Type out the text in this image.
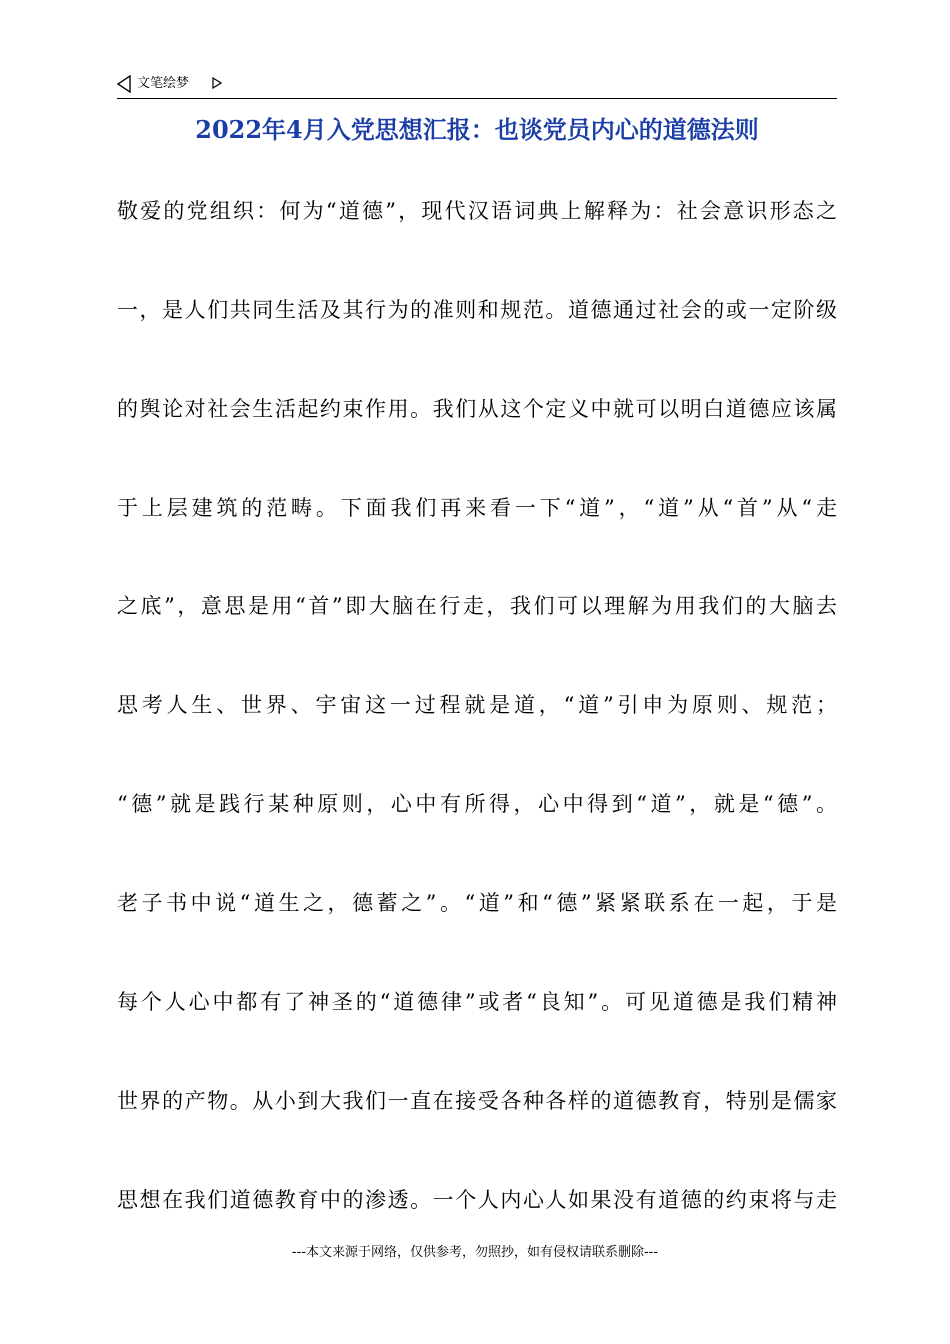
文笔绘梦
2022年4月入党思想汇报：也谈党员内心的道德法则
敬爱的党组织：何为“道德”，现代汉语词典上解释为：社会意识形态之
一，是人们共同生活及其行为的准则和规范。道德通过社会的或一定阶级
的舆论对社会生活起约束作用。我们从这个定义中就可以明白道德应该属
于上层建筑的范畴。下面我们再来看一下“道”，“道”从“首”从“走
之底”，意思是用“首”即大脑在行走，我们可以理解为用我们的大脑去
思考人生、世界、宇宙这一过程就是道，“道”引申为原则、规范；
“德”就是践行某种原则，心中有所得，心中得到“道”，就是“德”。
老子书中说“道生之，德蓄之”。“道”和“德”紧紧联系在一起，于是
每个人心中都有了神圣的“道德律”或者“良知”。可见道德是我们精神
世界的产物。从小到大我们一直在接受各种各样的道德教育，特别是儒家
思想在我们道德教育中的渗透。一个人内心人如果没有道德的约束将与走
---本文来源于网络，仅供参考，勿照抄，如有侵权请联系删除---
